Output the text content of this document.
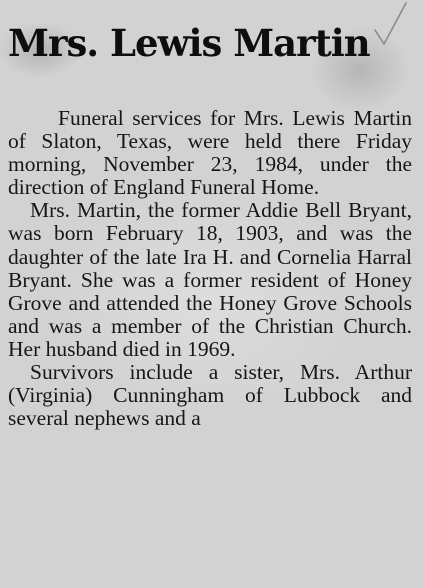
Mrs. Lewis Martin

Funeral services for Mrs. Lewis Martin of Slaton, Texas, were held there Friday morning, November 23, 1984, under the direction of England Funeral Home.

Mrs. Martin, the former Addie Bell Bryant, was born February 18, 1903, and was the daughter of the late Ira H. and Cornelia Harral Bryant. She was a former resident of Honey Grove and attended the Honey Grove Schools and was a member of the Christian Church. Her husband died in 1969.

Survivors include a sister, Mrs. Arthur (Virginia) Cunningham of Lubbock and several nephews and a
